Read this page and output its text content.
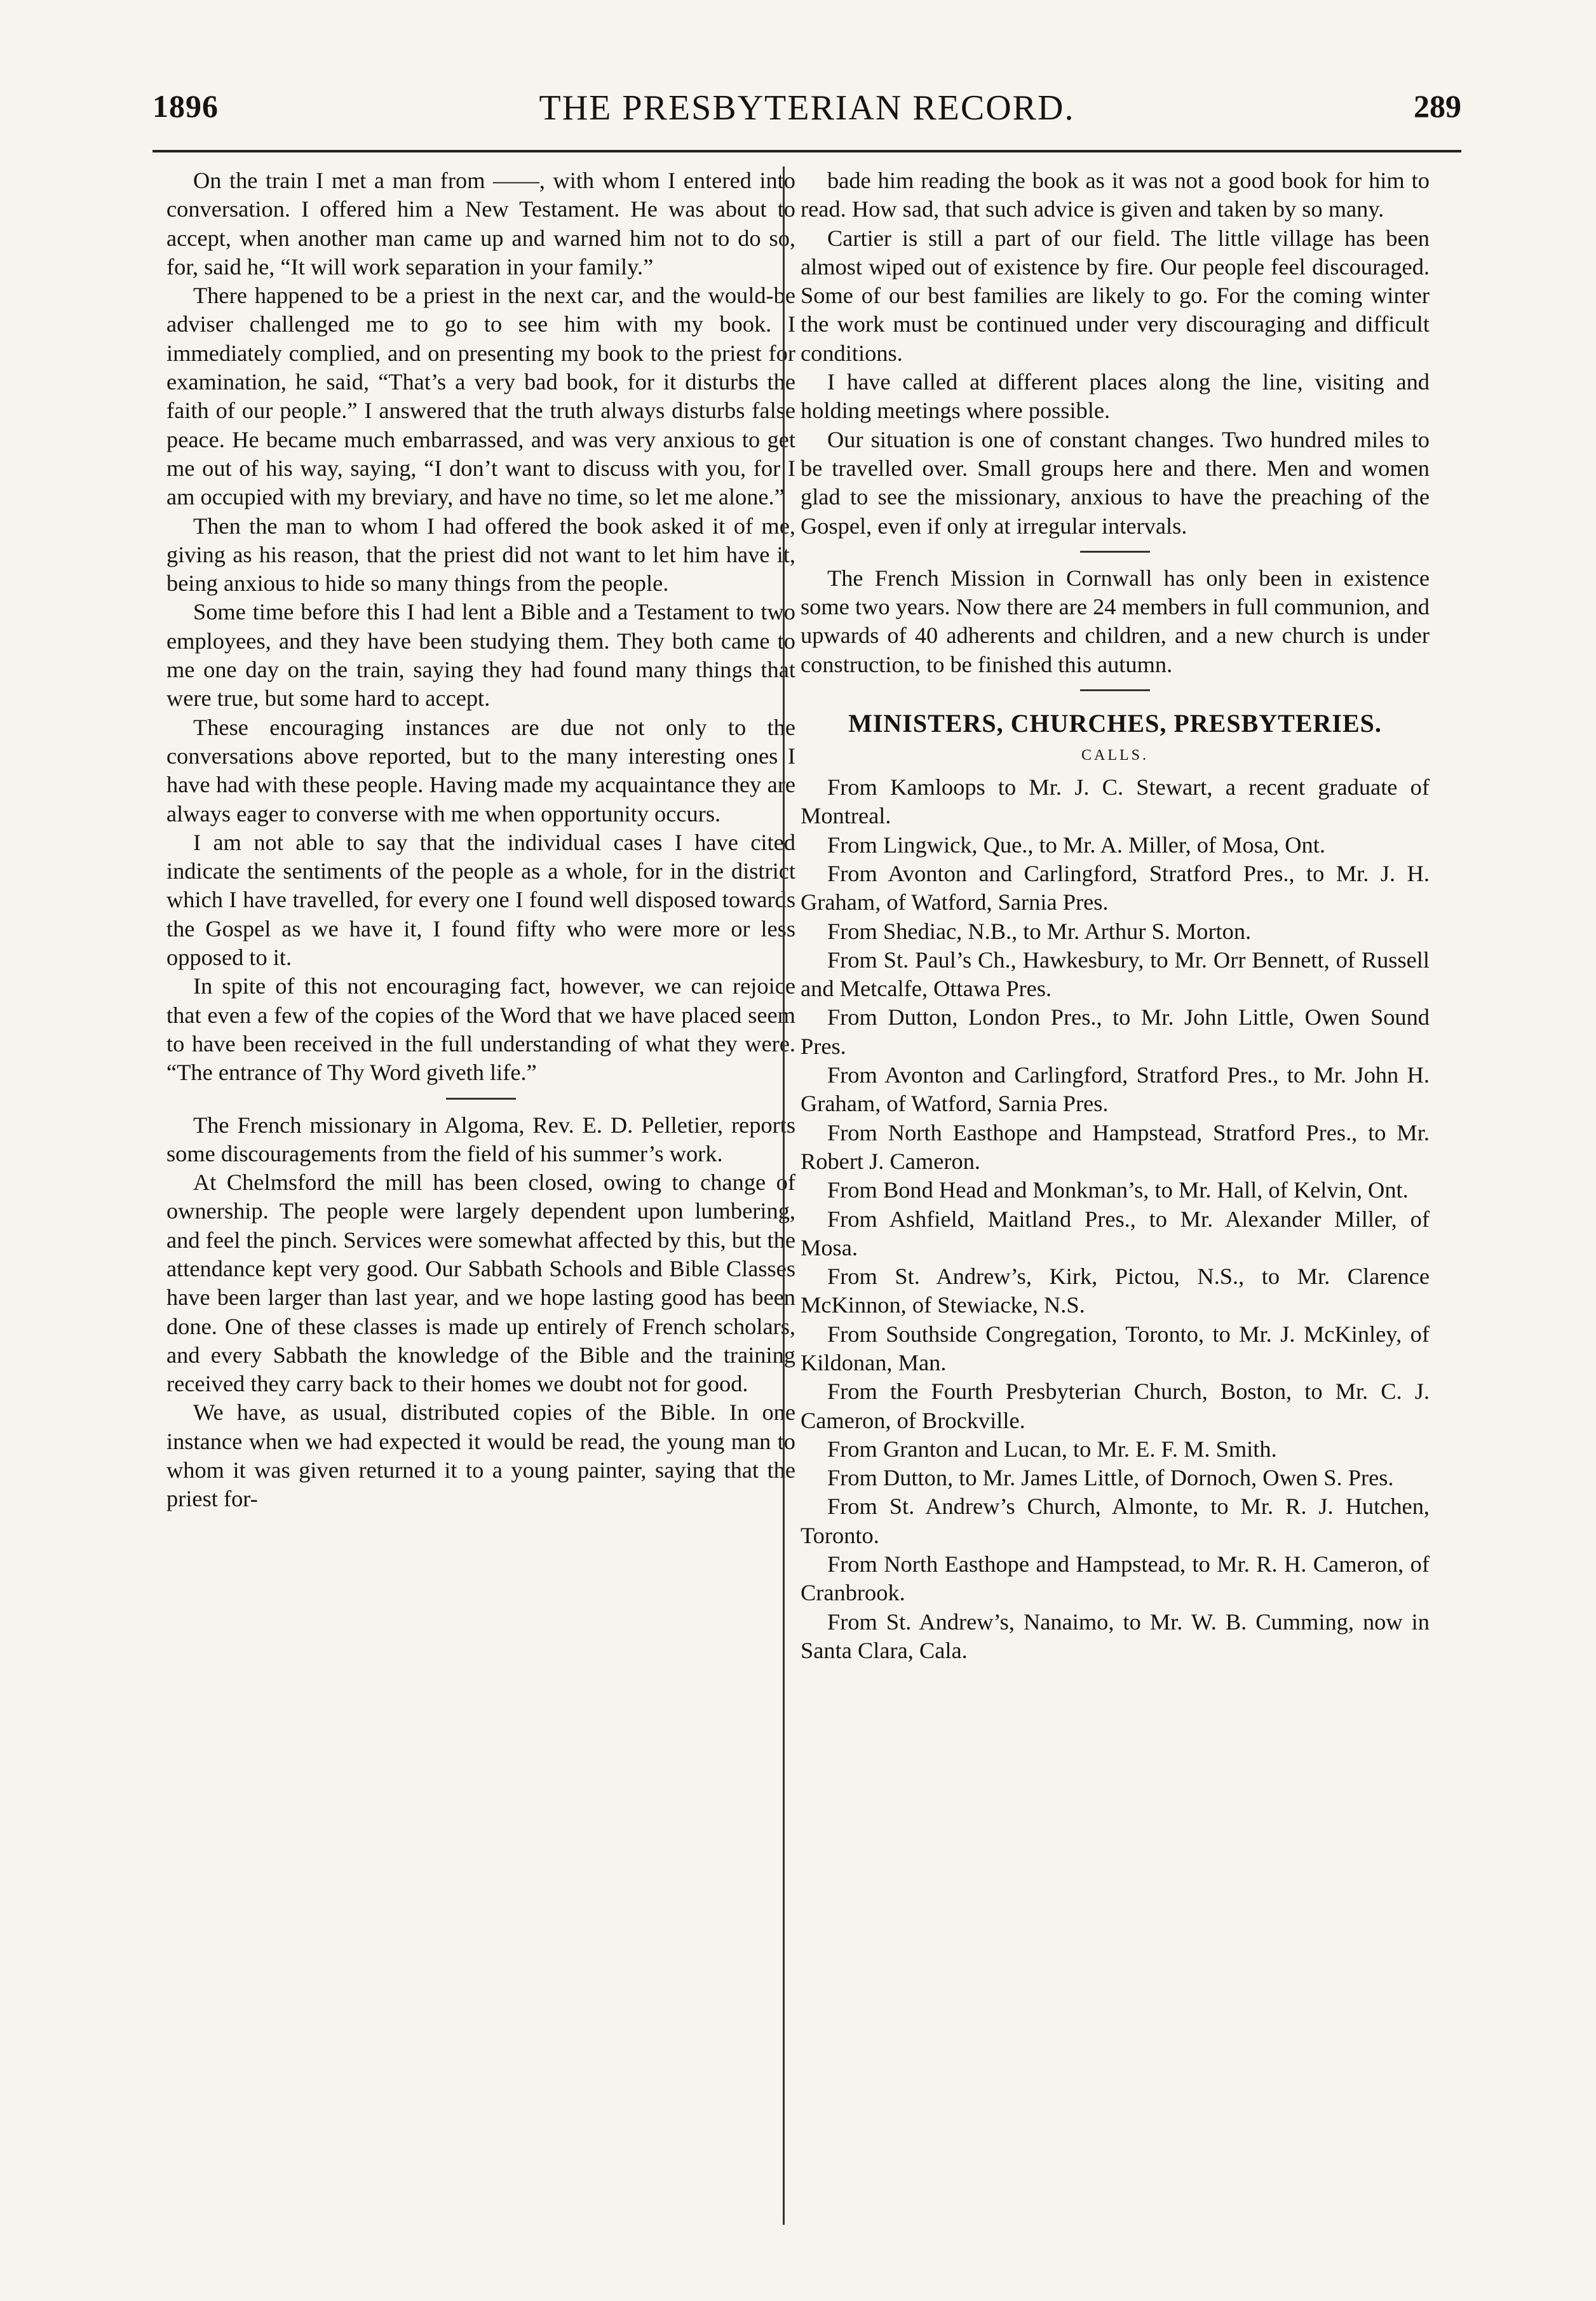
1896	THE PRESBYTERIAN RECORD.	289

On the train I met a man from ——, with whom I entered into conversation. I offered him a New Testament. He was about to accept, when another man came up and warned him not to do so, for, said he, “It will work separation in your family.”

There happened to be a priest in the next car, and the would-be adviser challenged me to go to see him with my book. I immediately complied, and on presenting my book to the priest for examination, he said, “That’s a very bad book, for it disturbs the faith of our people.” I answered that the truth always disturbs false peace. He became much embarrassed, and was very anxious to get me out of his way, saying, “I don’t want to discuss with you, for I am occupied with my breviary, and have no time, so let me alone.”

Then the man to whom I had offered the book asked it of me, giving as his reason, that the priest did not want to let him have it, being anxious to hide so many things from the people.

Some time before this I had lent a Bible and a Testament to two employees, and they have been studying them. They both came to me one day on the train, saying they had found many things that were true, but some hard to accept.

These encouraging instances are due not only to the conversations above reported, but to the many interesting ones I have had with these people. Having made my acquaintance they are always eager to converse with me when opportunity occurs.

I am not able to say that the individual cases I have cited indicate the sentiments of the people as a whole, for in the district which I have travelled, for every one I found well disposed towards the Gospel as we have it, I found fifty who were more or less opposed to it.

In spite of this not encouraging fact, however, we can rejoice that even a few of the copies of the Word that we have placed seem to have been received in the full understanding of what they were. “The entrance of Thy Word giveth life.”

The French missionary in Algoma, Rev. E. D. Pelletier, reports some discouragements from the field of his summer’s work.

At Chelmsford the mill has been closed, owing to change of ownership. The people were largely dependent upon lumbering, and feel the pinch. Services were somewhat affected by this, but the attendance kept very good. Our Sabbath Schools and Bible Classes have been larger than last year, and we hope lasting good has been done. One of these classes is made up entirely of French scholars, and every Sabbath the knowledge of the Bible and the training received they carry back to their homes we doubt not for good.

We have, as usual, distributed copies of the Bible. In one instance when we had expected it would be read, the young man to whom it was given returned it to a young painter, saying that the priest for-

bade him reading the book as it was not a good book for him to read. How sad, that such advice is given and taken by so many.

Cartier is still a part of our field. The little village has been almost wiped out of existence by fire. Our people feel discouraged. Some of our best families are likely to go. For the coming winter the work must be continued under very discouraging and difficult conditions.

I have called at different places along the line, visiting and holding meetings where possible.

Our situation is one of constant changes. Two hundred miles to be travelled over. Small groups here and there. Men and women glad to see the missionary, anxious to have the preaching of the Gospel, even if only at irregular intervals.

The French Mission in Cornwall has only been in existence some two years. Now there are 24 members in full communion, and upwards of 40 adherents and children, and a new church is under construction, to be finished this autumn.

MINISTERS, CHURCHES, PRESBYTERIES.
CALLS.

From Kamloops to Mr. J. C. Stewart, a recent graduate of Montreal.

From Lingwick, Que., to Mr. A. Miller, of Mosa, Ont.

From Avonton and Carlingford, Stratford Pres., to Mr. J. H. Graham, of Watford, Sarnia Pres.

From Shediac, N.B., to Mr. Arthur S. Morton.

From St. Paul’s Ch., Hawkesbury, to Mr. Orr Bennett, of Russell and Metcalfe, Ottawa Pres.

From Dutton, London Pres., to Mr. John Little, Owen Sound Pres.

From Avonton and Carlingford, Stratford Pres., to Mr. John H. Graham, of Watford, Sarnia Pres.

From North Easthope and Hampstead, Stratford Pres., to Mr. Robert J. Cameron.

From Bond Head and Monkman’s, to Mr. Hall, of Kelvin, Ont.

From Ashfield, Maitland Pres., to Mr. Alexander Miller, of Mosa.

From St. Andrew’s, Kirk, Pictou, N.S., to Mr. Clarence McKinnon, of Stewiacke, N.S.

From Southside Congregation, Toronto, to Mr. J. McKinley, of Kildonan, Man.

From the Fourth Presbyterian Church, Boston, to Mr. C. J. Cameron, of Brockville.

From Granton and Lucan, to Mr. E. F. M. Smith.

From Dutton, to Mr. James Little, of Dornoch, Owen S. Pres.

From St. Andrew’s Church, Almonte, to Mr. R. J. Hutchen, Toronto.

From North Easthope and Hampstead, to Mr. R. H. Cameron, of Cranbrook.

From St. Andrew’s, Nanaimo, to Mr. W. B. Cumming, now in Santa Clara, Cala.
